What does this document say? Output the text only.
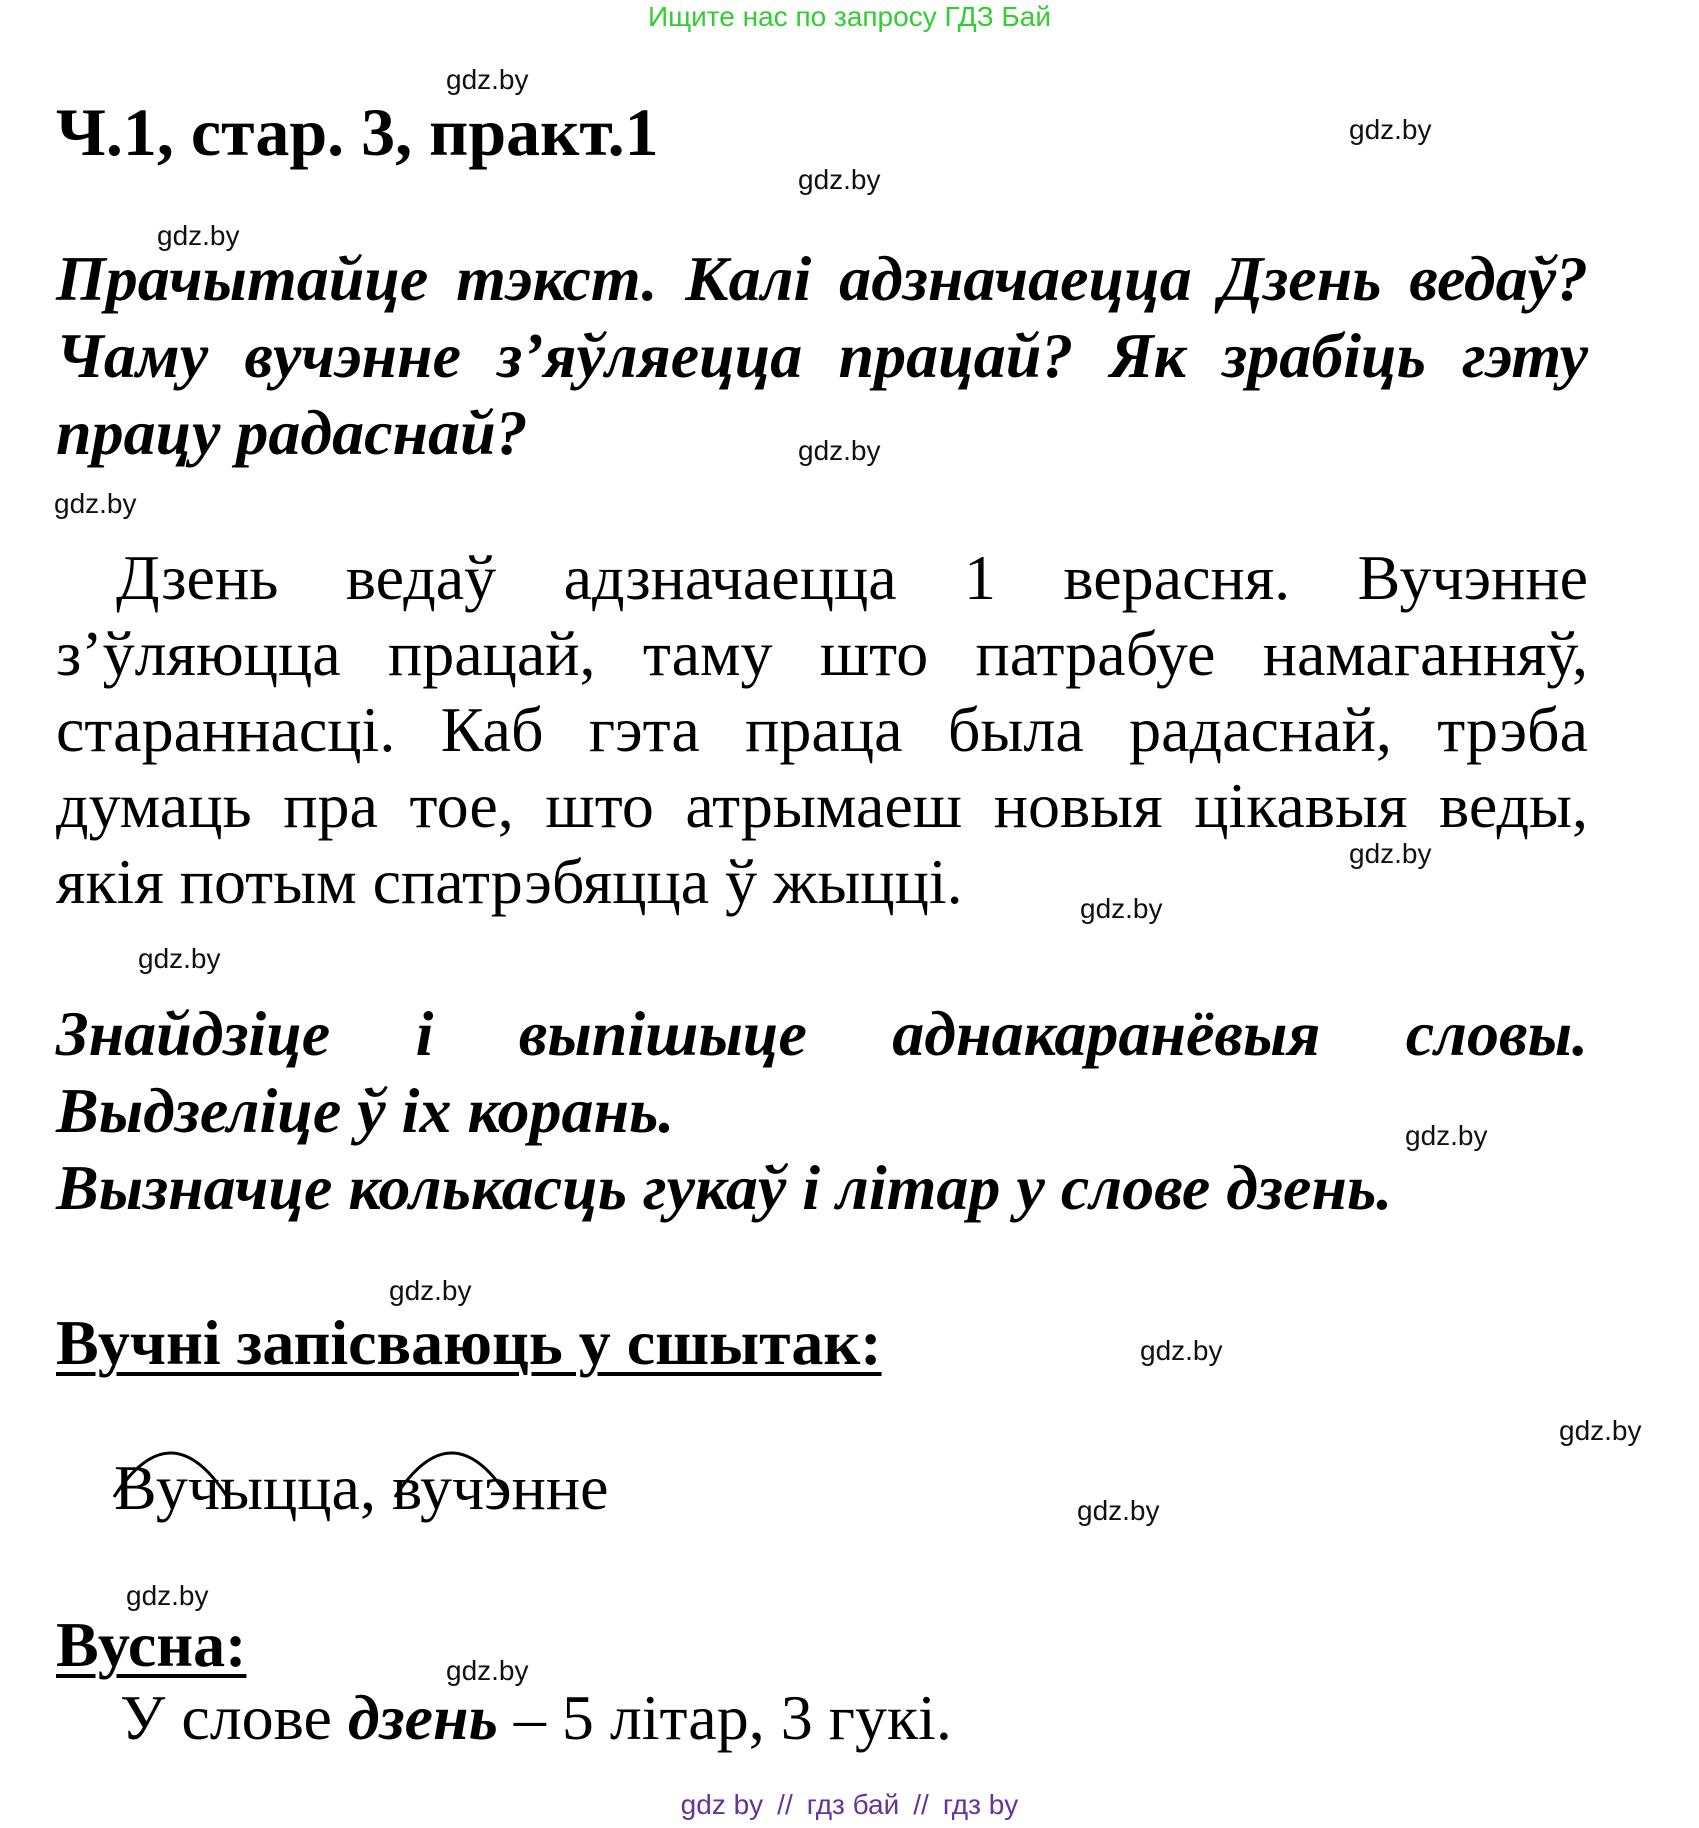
Ищите нас по запросу ГДЗ Бай
gdz.by
gdz.by
gdz.by
gdz.by
gdz.by
gdz.by
gdz.by
gdz.by
gdz.by
gdz.by
gdz.by
gdz.by
gdz.by
gdz.by
gdz.by
gdz.by
Ч.1, стар. 3, практ.1
Прачытайце тэкст. Калі адзначаецца Дзень ведаў?
Чаму вучэнне з’яўляецца працай? Як зрабіць гэту
працу радаснай?

Дзень ведаў адзначаецца 1 верасня. Вучэнне з’ўляюцца працай, таму што патрабуе намаганняў, стараннасці. Каб гэта праца была радаснай, трэба думаць пра тое, што атрымаеш новыя цікавыя веды, якія потым спатрэбяцца ў жыцці.

Знайдзіце і выпішыце аднакаранёвыя словы.
Выдзеліце ў іх корань.
Вызначце колькасць гукаў і літар у слове дзень.
Вучні запісваюць у сшытак:
Вучыцца, вучэнне
Вусна:
У слове дзень – 5 літар, 3 гукі.
gdz by // гдз бай // гдз by
